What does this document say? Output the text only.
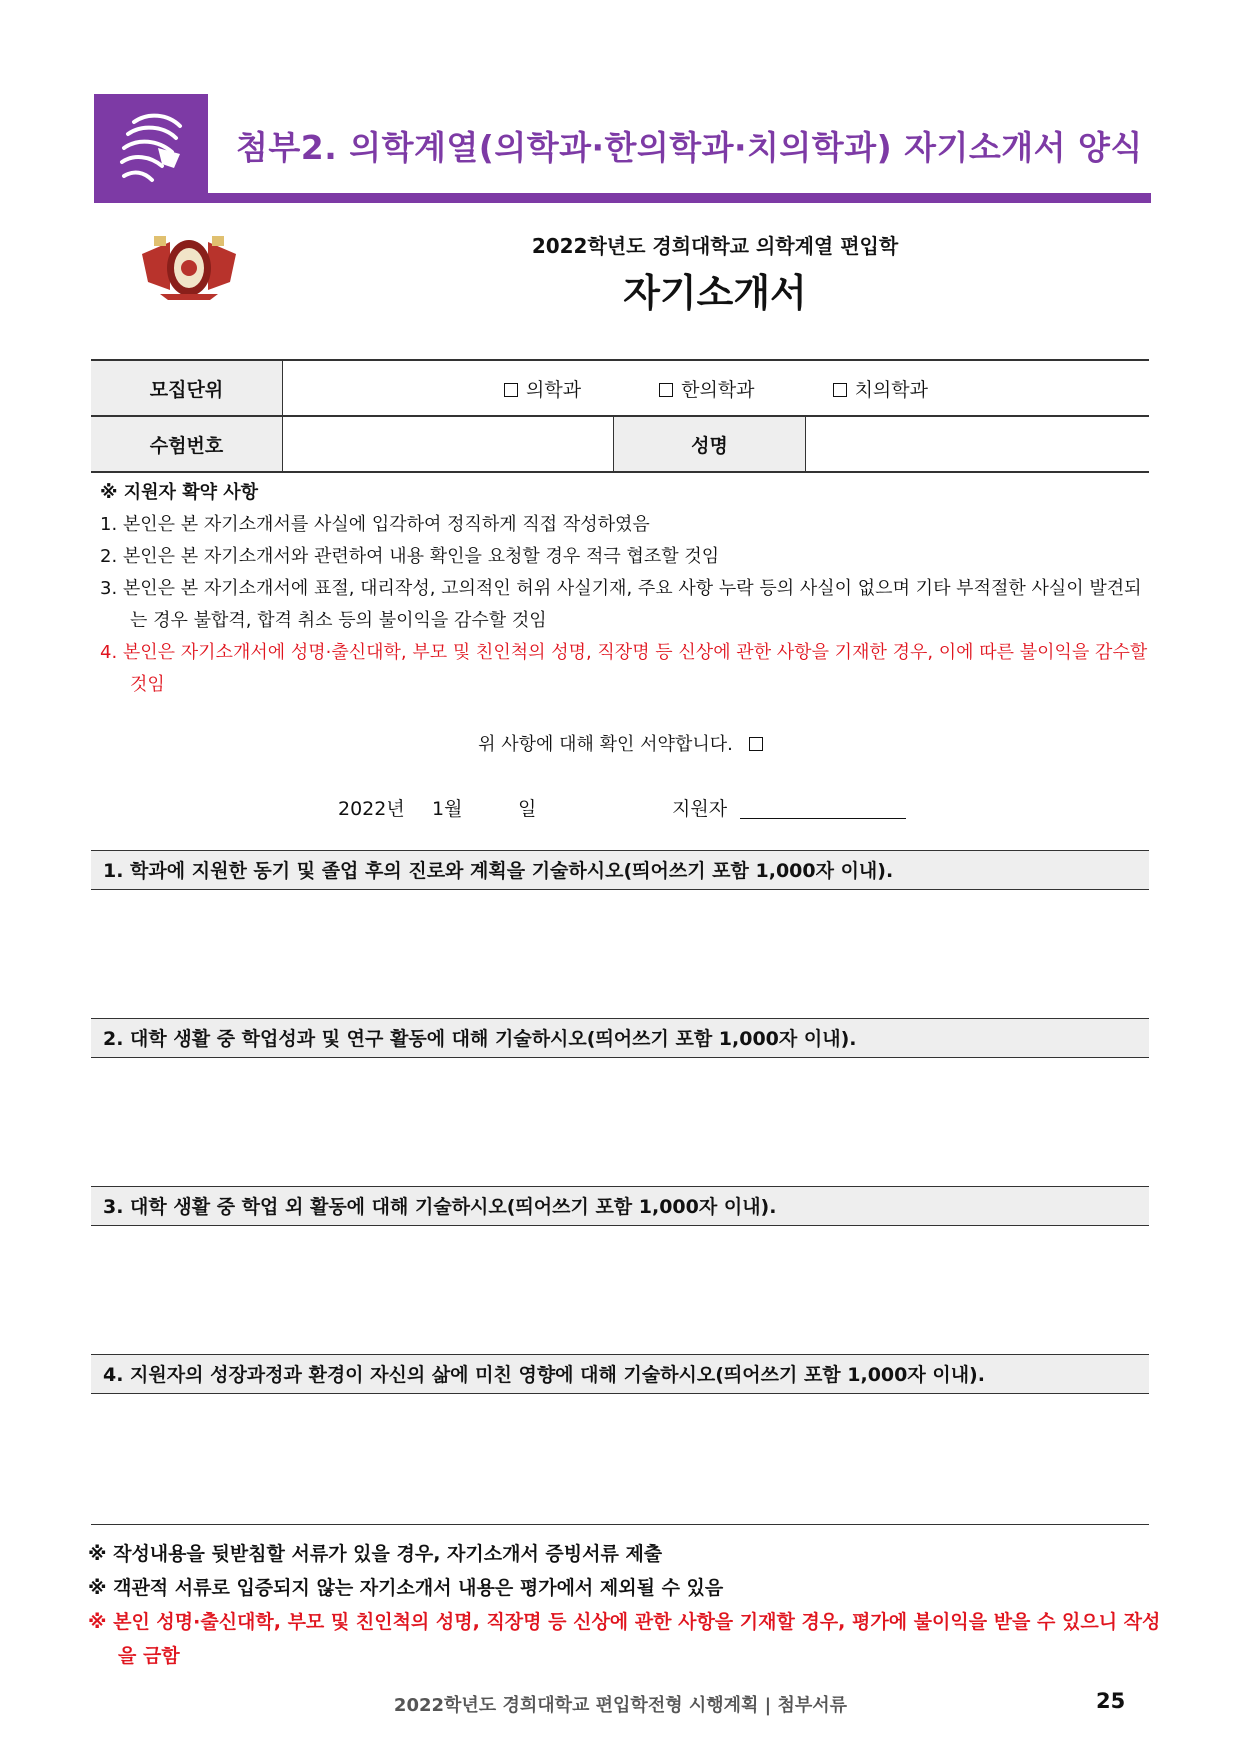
첨부2. 의학계열(의학과·한의학과·치의학과) 자기소개서 양식
2022학년도 경희대학교 의학계열 편입학
자기소개서
모집단위	의학과 한의학과 치의학과		
수험번호		성명	
※ 지원자 확약 사항
1. 본인은 본 자기소개서를 사실에 입각하여 정직하게 직접 작성하였음
2. 본인은 본 자기소개서와 관련하여 내용 확인을 요청할 경우 적극 협조할 것임
3. 본인은 본 자기소개서에 표절, 대리작성, 고의적인 허위 사실기재, 주요 사항 누락 등의 사실이 없으며 기타 부적절한 사실이 발견되는 경우 불합격, 합격 취소 등의 불이익을 감수할 것임
4. 본인은 자기소개서에 성명·출신대학, 부모 및 친인척의 성명, 직장명 등 신상에 관한 사항을 기재한 경우, 이에 따른 불이익을 감수할 것임
위 사항에 대해 확인 서약합니다.
2022년 1월	일	지원자
1. 학과에 지원한 동기 및 졸업 후의 진로와 계획을 기술하시오(띄어쓰기 포함 1,000자 이내).
2. 대학 생활 중 학업성과 및 연구 활동에 대해 기술하시오(띄어쓰기 포함 1,000자 이내).
3. 대학 생활 중 학업 외 활동에 대해 기술하시오(띄어쓰기 포함 1,000자 이내).
4. 지원자의 성장과정과 환경이 자신의 삶에 미친 영향에 대해 기술하시오(띄어쓰기 포함 1,000자 이내).
※ 작성내용을 뒷받침할 서류가 있을 경우, 자기소개서 증빙서류 제출
※ 객관적 서류로 입증되지 않는 자기소개서 내용은 평가에서 제외될 수 있음
※ 본인 성명·출신대학, 부모 및 친인척의 성명, 직장명 등 신상에 관한 사항을 기재할 경우, 평가에 불이익을 받을 수 있으니 작성을 금함
2022학년도 경희대학교 편입학전형 시행계획 | 첨부서류	25
